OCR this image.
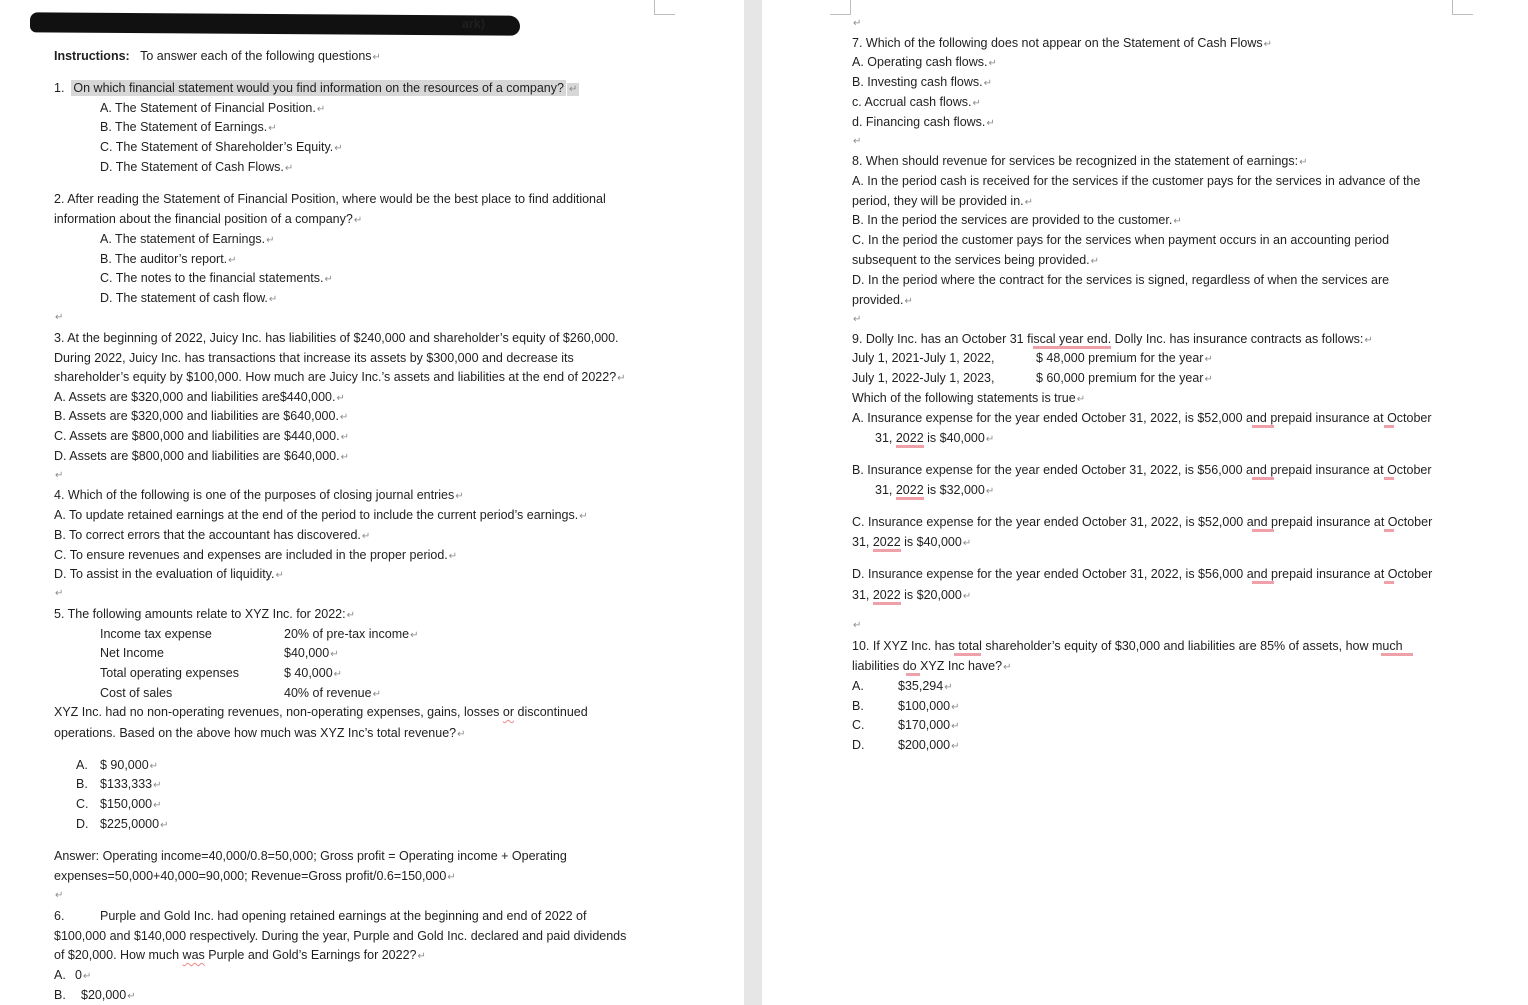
ark)
Instructions: To answer each of the following questions↵
1. On which financial statement would you find information on the resources of a company? ↵
A. The Statement of Financial Position.↵
B. The Statement of Earnings.↵
C. The Statement of Shareholder’s Equity.↵
D. The Statement of Cash Flows.↵
2. After reading the Statement of Financial Position, where would be the best place to find additional
information about the financial position of a company?↵
A. The statement of Earnings.↵
B. The auditor’s report.↵
C. The notes to the financial statements.↵
D. The statement of cash flow.↵
↵
3. At the beginning of 2022, Juicy Inc. has liabilities of $240,000 and shareholder’s equity of $260,000.
During 2022, Juicy Inc. has transactions that increase its assets by $300,000 and decrease its
shareholder’s equity by $100,000. How much are Juicy Inc.’s assets and liabilities at the end of 2022?↵
A. Assets are $320,000 and liabilities are$440,000.↵
B. Assets are $320,000 and liabilities are $640,000.↵
C. Assets are $800,000 and liabilities are $440,000.↵
D. Assets are $800,000 and liabilities are $640,000.↵
↵
4. Which of the following is one of the purposes of closing journal entries↵
A. To update retained earnings at the end of the period to include the current period’s earnings.↵
B. To correct errors that the accountant has discovered.↵
C. To ensure revenues and expenses are included in the proper period.↵
D. To assist in the evaluation of liquidity.↵
↵
5. The following amounts relate to XYZ Inc. for 2022:↵
Income tax expense	20% of pre-tax income↵
Net Income	$40,000↵
Total operating expenses	$ 40,000↵
Cost of sales	40% of revenue↵
XYZ Inc. had no non-operating revenues, non-operating expenses, gains, losses or discontinued
operations. Based on the above how much was XYZ Inc’s total revenue?↵
A. $ 90,000↵
B. $133,333↵
C. $150,000↵
D. $225,0000↵
Answer: Operating income=40,000/0.8=50,000; Gross profit = Operating income + Operating
expenses=50,000+40,000=90,000; Revenue=Gross profit/0.6=150,000↵
↵
6.	Purple and Gold Inc. had opening retained earnings at the beginning and end of 2022 of
$100,000 and $140,000 respectively. During the year, Purple and Gold Inc. declared and paid dividends
of $20,000. How much was Purple and Gold’s Earnings for 2022?↵
A. 0↵
B. $20,000↵
↵
7. Which of the following does not appear on the Statement of Cash Flows↵
A. Operating cash flows.↵
B. Investing cash flows.↵
c. Accrual cash flows.↵
d. Financing cash flows.↵
↵
8. When should revenue for services be recognized in the statement of earnings:↵
A. In the period cash is received for the services if the customer pays for the services in advance of the
period, they will be provided in.↵
B. In the period the services are provided to the customer.↵
C. In the period the customer pays for the services when payment occurs in an accounting period
subsequent to the services being provided.↵
D. In the period where the contract for the services is signed, regardless of when the services are
provided.↵
↵
9. Dolly Inc. has an October 31 fiscal year end. Dolly Inc. has insurance contracts as follows:↵
July 1, 2021-July 1, 2022,	$ 48,000 premium for the year↵
July 1, 2022-July 1, 2023,	$ 60,000 premium for the year↵
Which of the following statements is true↵
A. Insurance expense for the year ended October 31, 2022, is $52,000 and prepaid insurance at October
31, 2022 is $40,000↵
B. Insurance expense for the year ended October 31, 2022, is $56,000 and prepaid insurance at October
31, 2022 is $32,000↵
C. Insurance expense for the year ended October 31, 2022, is $52,000 and prepaid insurance at October
31, 2022 is $40,000↵
D. Insurance expense for the year ended October 31, 2022, is $56,000 and prepaid insurance at October
31, 2022 is $20,000↵
↵
10. If XYZ Inc. has total shareholder’s equity of $30,000 and liabilities are 85% of assets, how much
liabilities do XYZ Inc have?↵
A.	$35,294↵
B.	$100,000↵
C.	$170,000↵
D.	$200,000↵
